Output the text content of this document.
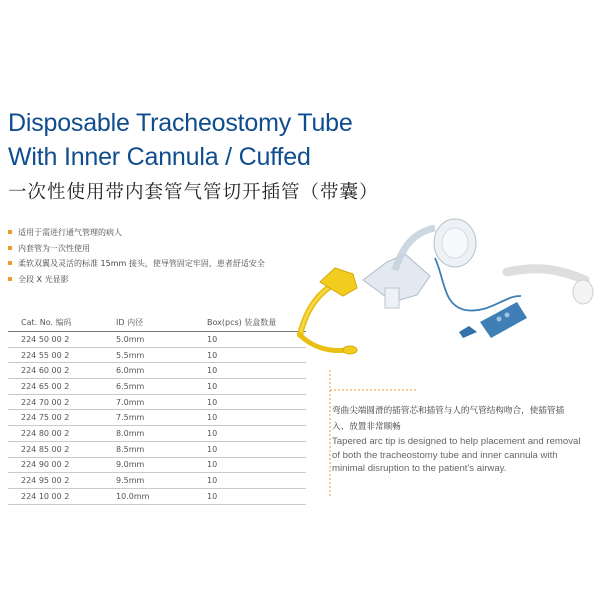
Disposable Tracheostomy Tube
With Inner Cannula / Cuffed
一次性使用带内套管气管切开插管（带囊）
适用于需进行通气管理的病人
内套管为一次性使用
柔软双翼及灵活的标准 15mm 接头，使导管固定牢固，患者舒适安全
全段 X 光显影
Cat. No. 编码	ID 内径	Box(pcs) 装盒数量
224 50 00 2	5.0mm	10
224 55 00 2	5.5mm	10
224 60 00 2	6.0mm	10
224 65 00 2	6.5mm	10
224 70 00 2	7.0mm	10
224 75 00 2	7.5mm	10
224 80 00 2	8.0mm	10
224 85 00 2	8.5mm	10
224 90 00 2	9.0mm	10
224 95 00 2	9.5mm	10
224 10 00 2	10.0mm	10
弯曲尖端圆滑的插管芯和插管与人的气管结构吻合，使插管插入、放置非常顺畅
Tapered arc tip is designed to help placement and removal of both the tracheostomy tube and inner cannula with minimal disruption to the patient's airway.
